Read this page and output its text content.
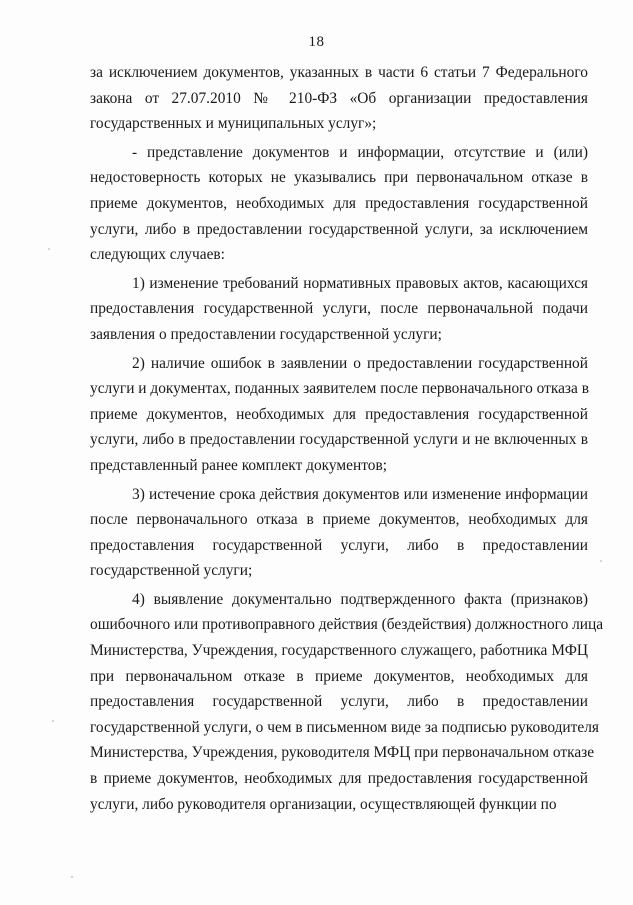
18
за исключением документов, указанных в части 6 статьи 7 Федерального
закона от 27.07.2010 № 210-ФЗ «Об организации предоставления
государственных и муниципальных услуг»;
- представление документов и информации, отсутствие и (или)
недостоверность которых не указывались при первоначальном отказе в
приеме документов, необходимых для предоставления государственной
услуги, либо в предоставлении государственной услуги, за исключением
следующих случаев:
1) изменение требований нормативных правовых актов, касающихся
предоставления государственной услуги, после первоначальной подачи
заявления о предоставлении государственной услуги;
2) наличие ошибок в заявлении о предоставлении государственной
услуги и документах, поданных заявителем после первоначального отказа в
приеме документов, необходимых для предоставления государственной
услуги, либо в предоставлении государственной услуги и не включенных в
представленный ранее комплект документов;
3) истечение срока действия документов или изменение информации
после первоначального отказа в приеме документов, необходимых для
предоставления государственной услуги, либо в предоставлении
государственной услуги;
4) выявление документально подтвержденного факта (признаков)
ошибочного или противоправного действия (бездействия) должностного лица
Министерства, Учреждения, государственного служащего, работника МФЦ
при первоначальном отказе в приеме документов, необходимых для
предоставления государственной услуги, либо в предоставлении
государственной услуги, о чем в письменном виде за подписью руководителя
Министерства, Учреждения, руководителя МФЦ при первоначальном отказе
в приеме документов, необходимых для предоставления государственной
услуги, либо руководителя организации, осуществляющей функции по
